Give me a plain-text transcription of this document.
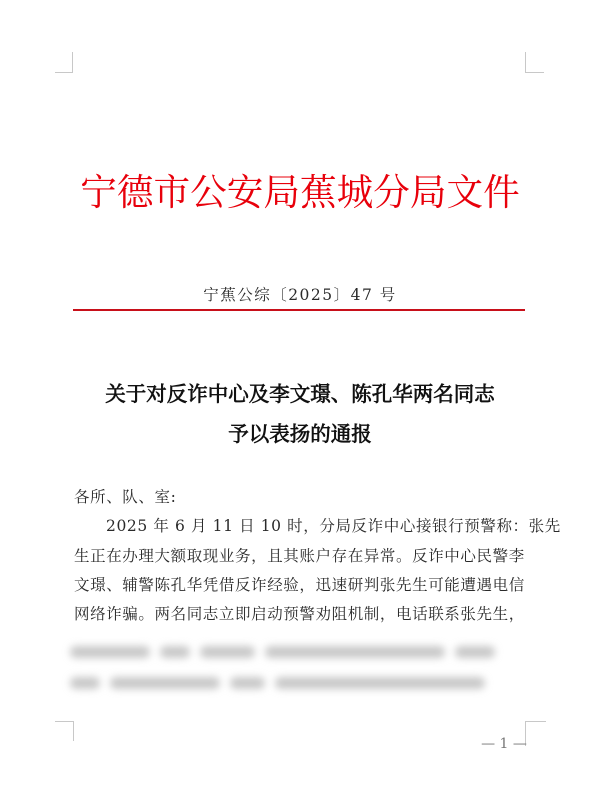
宁德市公安局蕉城分局文件
宁蕉公综〔2025〕47 号
关于对反诈中心及李文璟、陈孔华两名同志
予以表扬的通报
各所、队、室:
2025 年 6 月 11 日 10 时，分局反诈中心接银行预警称：张先
生正在办理大额取现业务，且其账户存在异常。反诈中心民警李
文璟、辅警陈孔华凭借反诈经验，迅速研判张先生可能遭遇电信
网络诈骗。两名同志立即启动预警劝阻机制，电话联系张先生，
— 1 —
